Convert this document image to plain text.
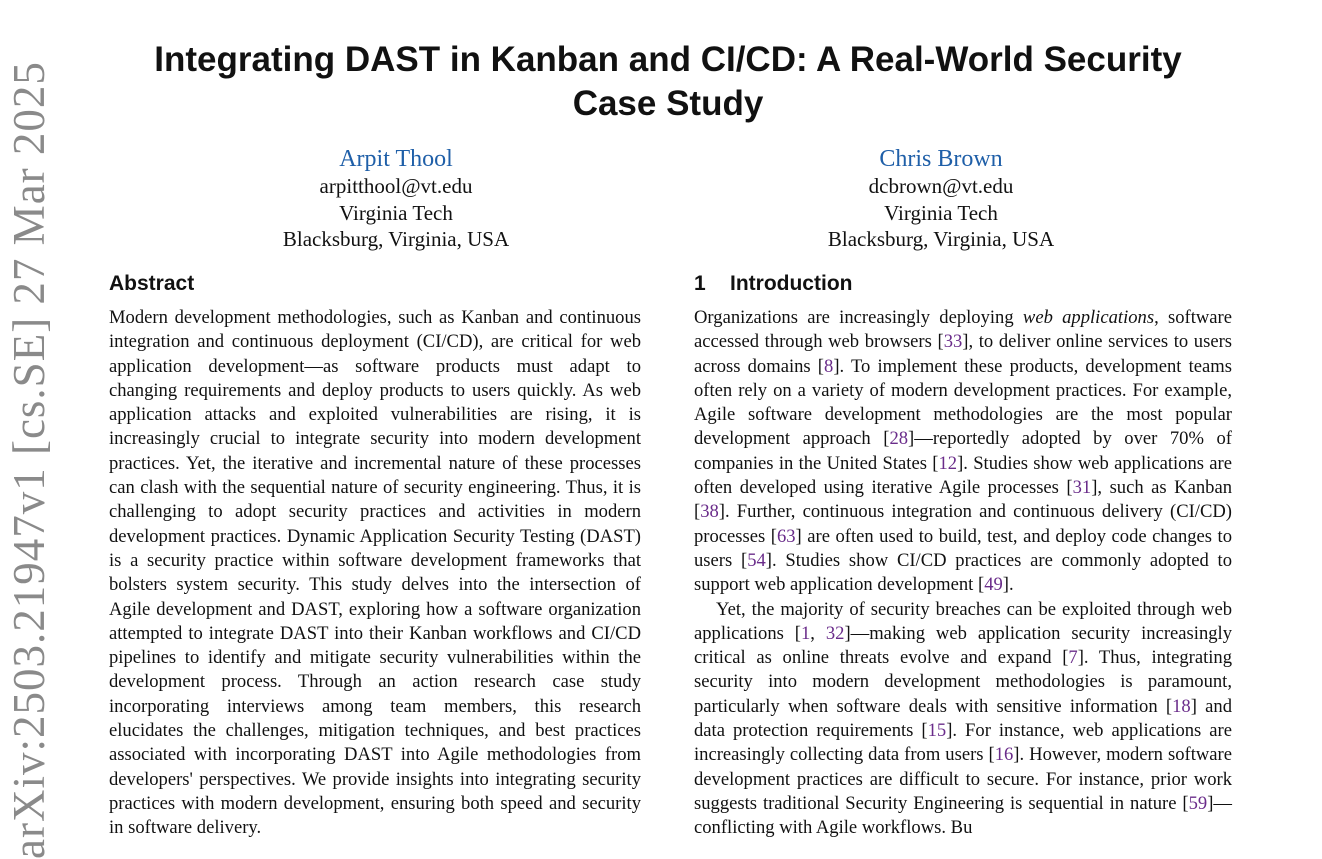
arXiv:2503.21947v1 [cs.SE] 27 Mar 2025
Integrating DAST in Kanban and CI/CD: A Real-World Security
Case Study
Arpit Thool
arpitthool@vt.edu
Virginia Tech
Blacksburg, Virginia, USA
Chris Brown
dcbrown@vt.edu
Virginia Tech
Blacksburg, Virginia, USA
Abstract

Modern development methodologies, such as Kanban and continuous integration and continuous deployment (CI/CD), are critical for web application development—as software products must adapt to changing requirements and deploy products to users quickly. As web application attacks and exploited vulnerabilities are rising, it is increasingly crucial to integrate security into modern development practices. Yet, the iterative and incremental nature of these processes can clash with the sequential nature of security engineering. Thus, it is challenging to adopt security practices and activities in modern development practices. Dynamic Application Security Testing (DAST) is a security practice within software development frameworks that bolsters system security. This study delves into the intersection of Agile development and DAST, exploring how a software organization attempted to integrate DAST into their Kanban workflows and CI/CD pipelines to identify and mitigate security vulnerabilities within the development process. Through an action research case study incorporating interviews among team members, this research elucidates the challenges, mitigation techniques, and best practices associated with incorporating DAST into Agile methodologies from developers' perspectives. We provide insights into integrating security practices with modern development, ensuring both speed and security in software delivery.

1 Introduction

Organizations are increasingly deploying web applications, software accessed through web browsers [33], to deliver online services to users across domains [8]. To implement these products, development teams often rely on a variety of modern development practices. For example, Agile software development methodologies are the most popular development approach [28]—reportedly adopted by over 70% of companies in the United States [12]. Studies show web applications are often developed using iterative Agile processes [31], such as Kanban [38]. Further, continuous integration and continuous delivery (CI/CD) processes [63] are often used to build, test, and deploy code changes to users [54]. Studies show CI/CD practices are commonly adopted to support web application development [49].

Yet, the majority of security breaches can be exploited through web applications [1, 32]—making web application security increasingly critical as online threats evolve and expand [7]. Thus, integrating security into modern development methodologies is paramount, particularly when software deals with sensitive information [18] and data protection requirements [15]. For instance, web applications are increasingly collecting data from users [16]. However, modern software development practices are difficult to secure. For instance, prior work suggests traditional Security Engineering is sequential in nature [59]—conflicting with Agile workflows. Bu
